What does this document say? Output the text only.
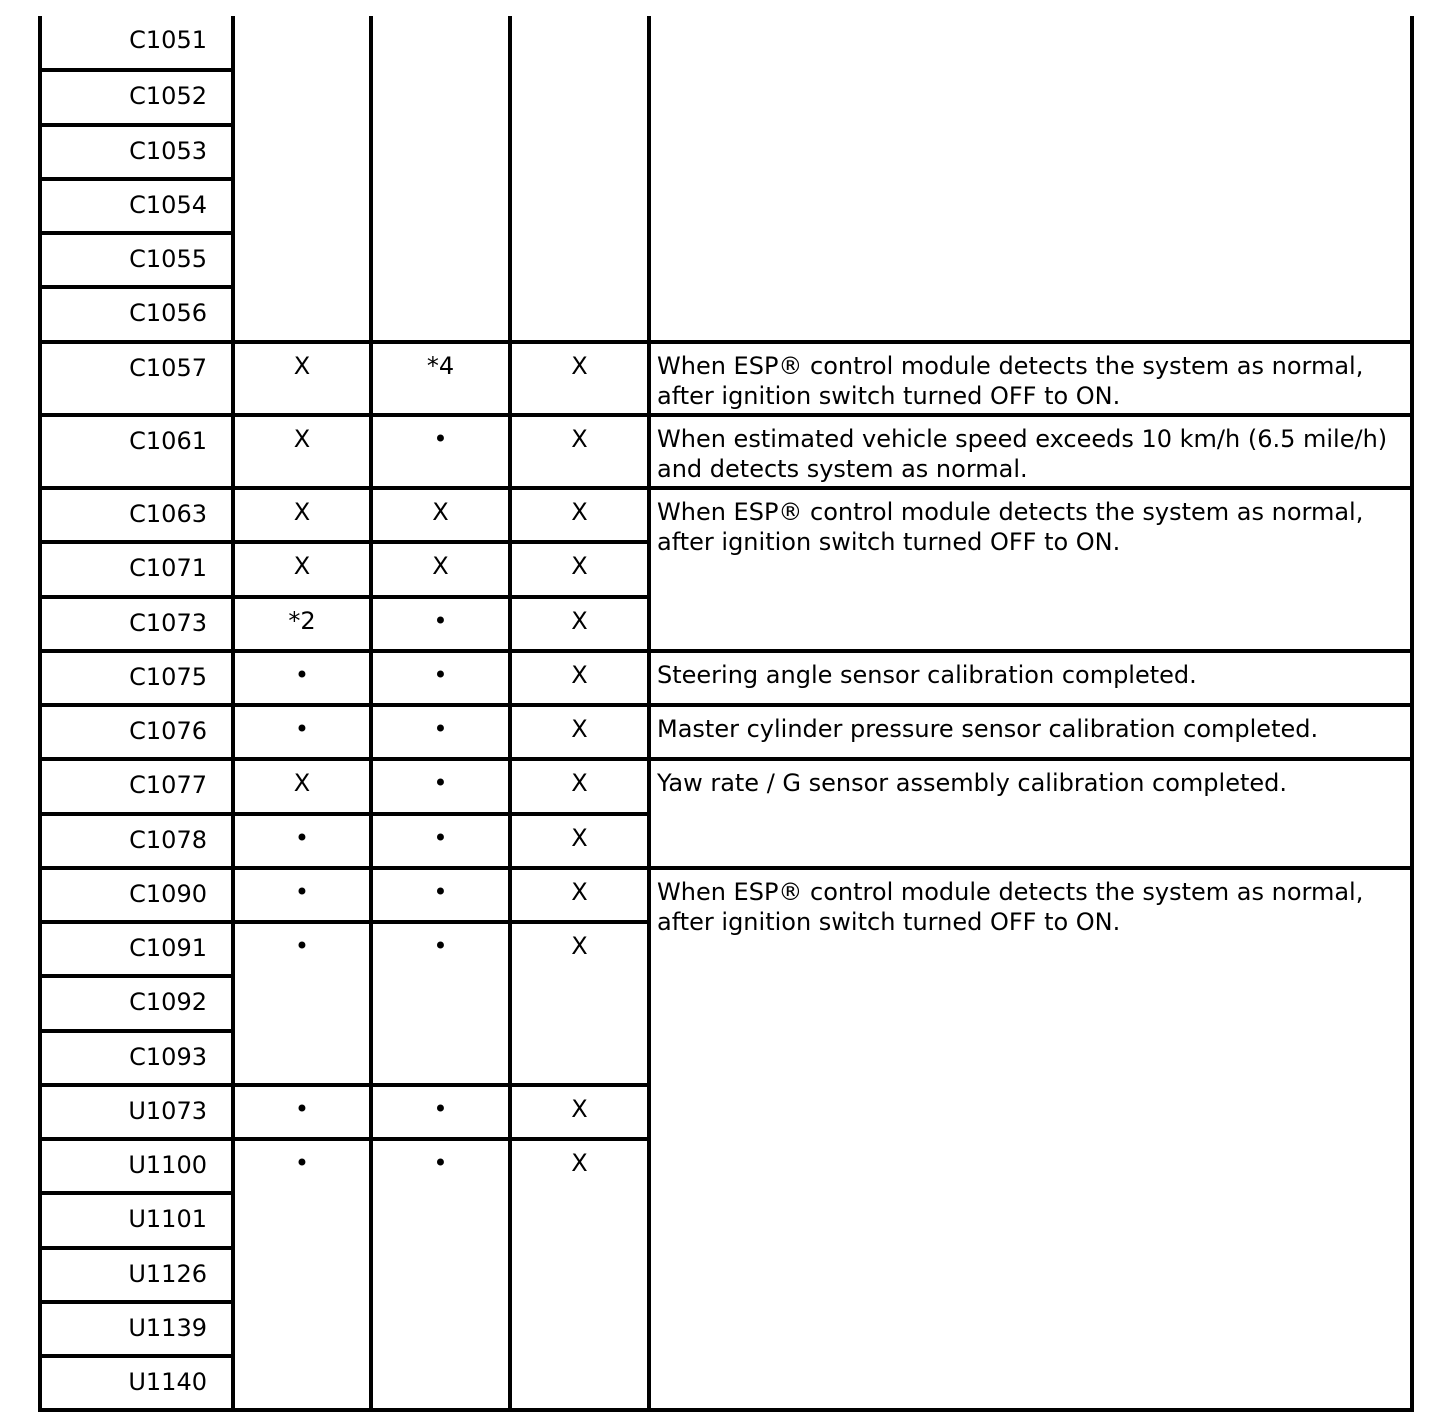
C1051				
C1052				
C1053				
C1054				
C1055				
C1056				
C1057	X	*4	X	When ESP® control module detects the system as normal, after ignition switch turned OFF to ON.
C1061	X	•	X	When estimated vehicle speed exceeds 10 km/h (6.5 mile/h) and detects system as normal.
C1063	X	X	X	When ESP® control module detects the system as normal, after ignition switch turned OFF to ON.
C1071	X	X	X	
C1073	*2	•	X	
C1075	•	•	X	Steering angle sensor calibration completed.
C1076	•	•	X	Master cylinder pressure sensor calibration completed.
C1077	X	•	X	Yaw rate / G sensor assembly calibration completed.
C1078	•	•	X	
C1090	•	•	X	When ESP® control module detects the system as normal, after ignition switch turned OFF to ON.
C1091	•	•	X	
C1092				
C1093				
U1073	•	•	X	
U1100	•	•	X	
U1101				
U1126				
U1139				
U1140				
